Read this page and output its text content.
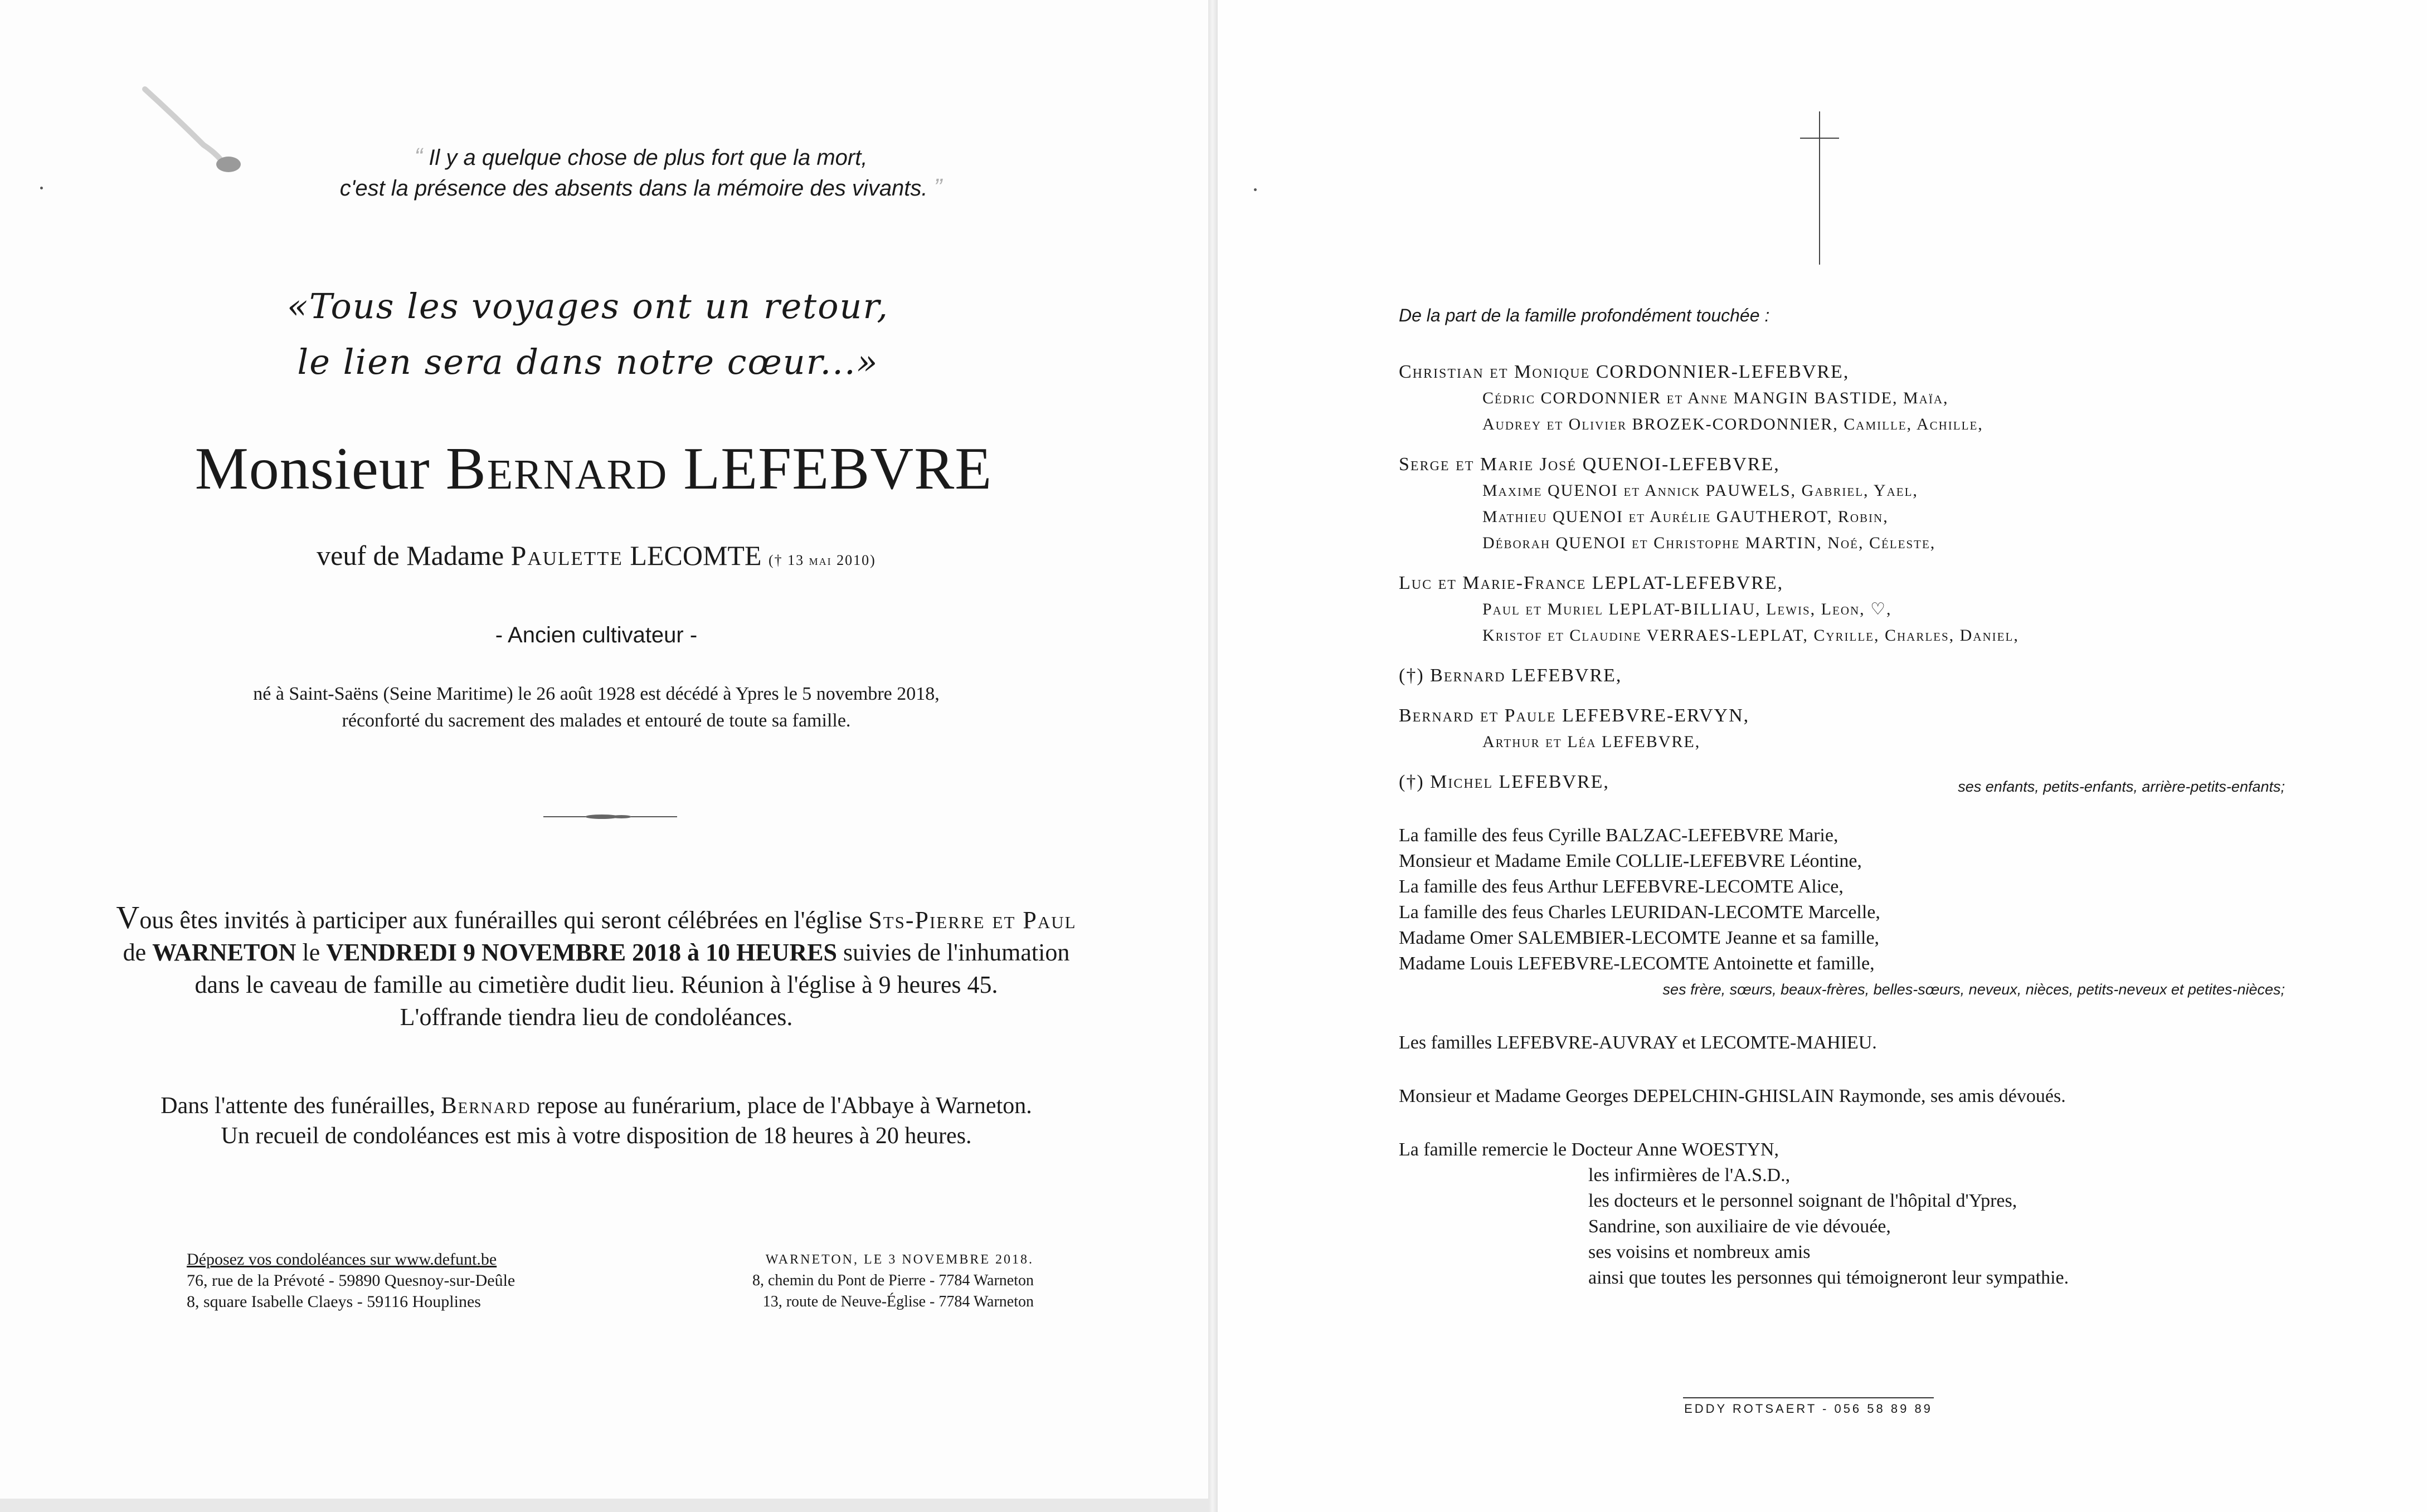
“ Il y a quelque chose de plus fort que la mort,
c'est la présence des absents dans la mémoire des vivants. ”
«Tous les voyages ont un retour,
le lien sera dans notre cœur...»
Monsieur Bernard LEFEBVRE
veuf de Madame Paulette LECOMTE († 13 mai 2010)
- Ancien cultivateur -
né à Saint-Saëns (Seine Maritime) le 26 août 1928 est décédé à Ypres le 5 novembre 2018,
réconforté du sacrement des malades et entouré de toute sa famille.
Vous êtes invités à participer aux funérailles qui seront célébrées en l'église Sts-Pierre et Paul
de WARNETON le VENDREDI 9 NOVEMBRE 2018 à 10 HEURES suivies de l'inhumation
dans le caveau de famille au cimetière dudit lieu. Réunion à l'église à 9 heures 45.
L'offrande tiendra lieu de condoléances.
Dans l'attente des funérailles, Bernard repose au funérarium, place de l'Abbaye à Warneton.
Un recueil de condoléances est mis à votre disposition de 18 heures à 20 heures.
Déposez vos condoléances sur www.defunt.be
76, rue de la Prévoté - 59890 Quesnoy-sur-Deûle
8, square Isabelle Claeys - 59116 Houplines
WARNETON, LE 3 NOVEMBRE 2018.
8, chemin du Pont de Pierre - 7784 Warneton
13, route de Neuve-Église - 7784 Warneton
De la part de la famille profondément touchée :
Christian et Monique CORDONNIER-LEFEBVRE,
Cédric CORDONNIER et Anne MANGIN BASTIDE, Maïa,
Audrey et Olivier BROZEK-CORDONNIER, Camille, Achille,
Serge et Marie José QUENOI-LEFEBVRE,
Maxime QUENOI et Annick PAUWELS, Gabriel, Yael,
Mathieu QUENOI et Aurélie GAUTHEROT, Robin,
Déborah QUENOI et Christophe MARTIN, Noé, Céleste,
Luc et Marie-France LEPLAT-LEFEBVRE,
Paul et Muriel LEPLAT-BILLIAU, Lewis, Leon, ♡,
Kristof et Claudine VERRAES-LEPLAT, Cyrille, Charles, Daniel,
(†) Bernard LEFEBVRE,
Bernard et Paule LEFEBVRE-ERVYN,
Arthur et Léa LEFEBVRE,
ses enfants, petits-enfants, arrière-petits-enfants;
(†) Michel LEFEBVRE,
La famille des feus Cyrille BALZAC-LEFEBVRE Marie,
Monsieur et Madame Emile COLLIE-LEFEBVRE Léontine,
La famille des feus Arthur LEFEBVRE-LECOMTE Alice,
La famille des feus Charles LEURIDAN-LECOMTE Marcelle,
Madame Omer SALEMBIER-LECOMTE Jeanne et sa famille,
Madame Louis LEFEBVRE-LECOMTE Antoinette et famille,
ses frère, sœurs, beaux-frères, belles-sœurs, neveux, nièces, petits-neveux et petites-nièces;
Les familles LEFEBVRE-AUVRAY et LECOMTE-MAHIEU.
Monsieur et Madame Georges DEPELCHIN-GHISLAIN Raymonde, ses amis dévoués.
La famille remercie le Docteur Anne WOESTYN,
les infirmières de l'A.S.D.,
les docteurs et le personnel soignant de l'hôpital d'Ypres,
Sandrine, son auxiliaire de vie dévouée,
ses voisins et nombreux amis
ainsi que toutes les personnes qui témoigneront leur sympathie.
EDDY ROTSAERT - 056 58 89 89
